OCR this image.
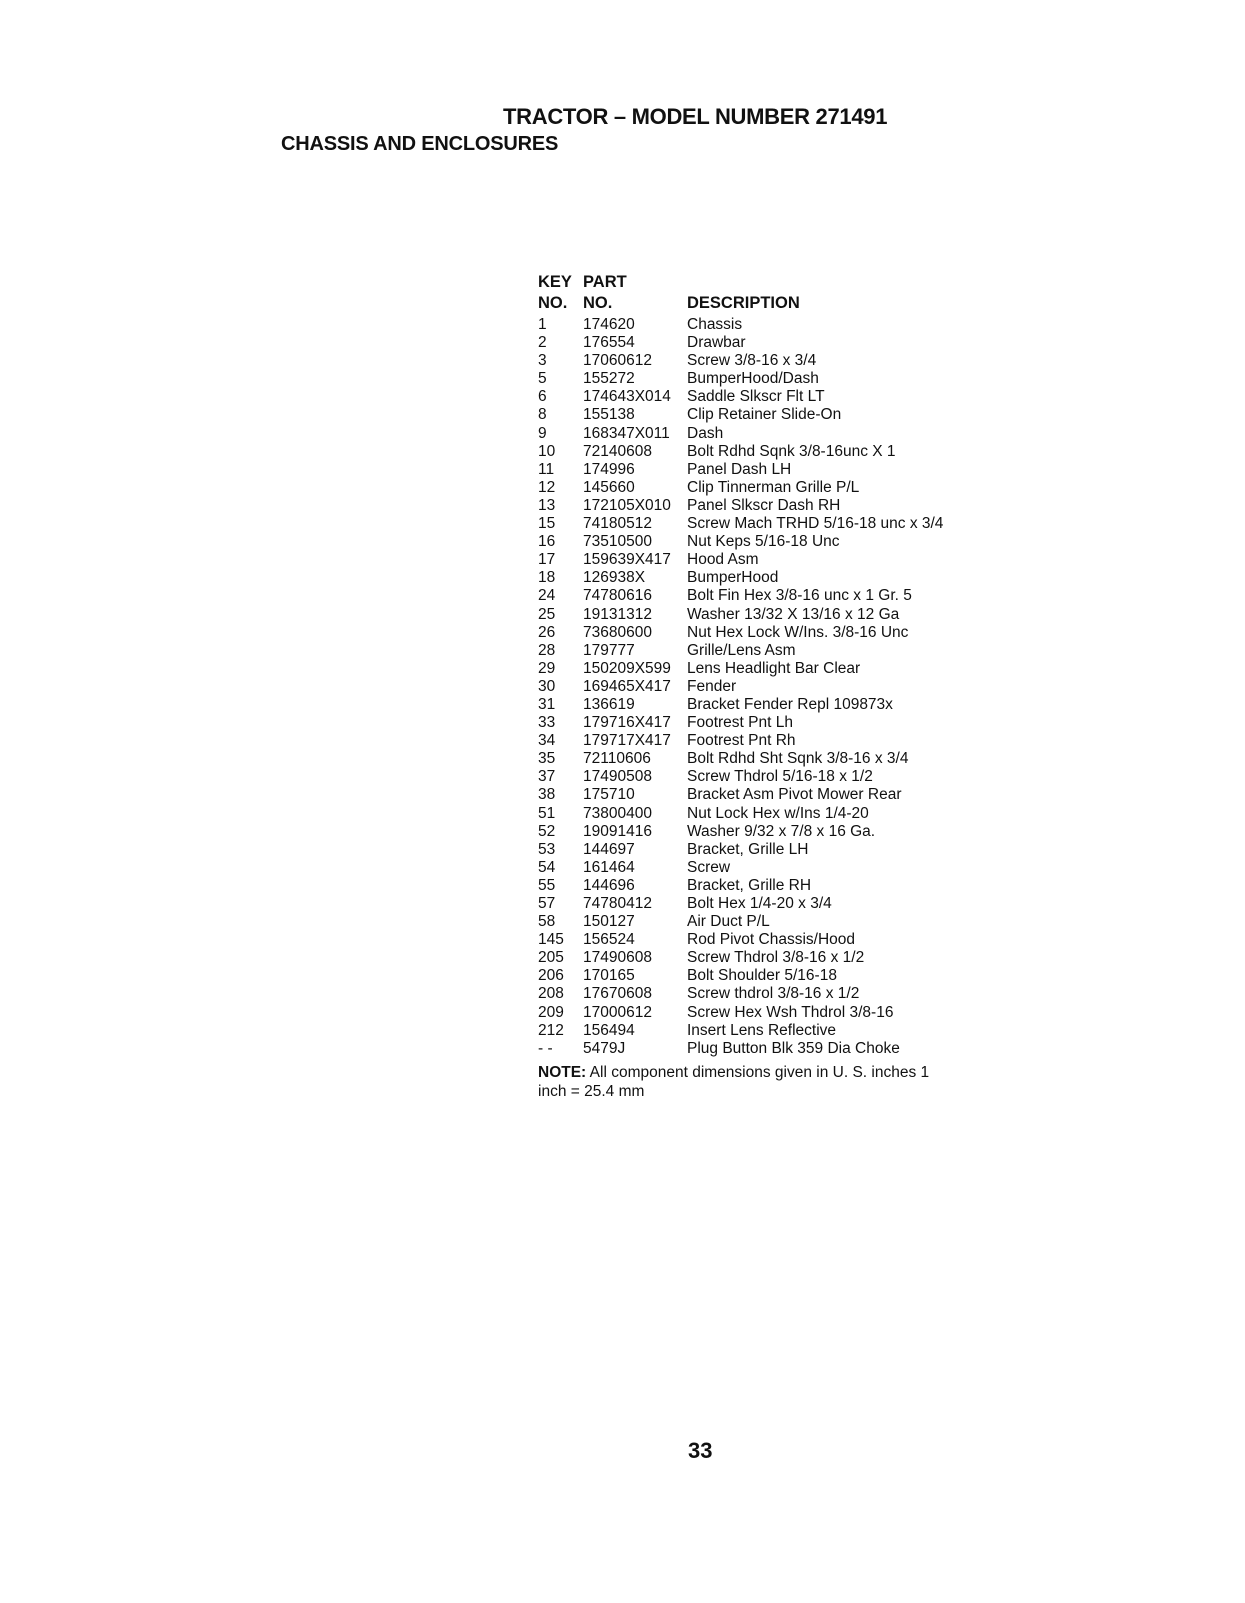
TRACTOR – MODEL NUMBER 271491
CHASSIS AND ENCLOSURES
KEY PART
NO. NO.	DESCRIPTION
1	174620	Chassis
2	176554	Drawbar
3	17060612	Screw 3/8-16 x 3/4
5	155272	BumperHood/Dash
6	174643X014	Saddle Slkscr Flt LT
8	155138	Clip Retainer Slide-On
9	168347X011	Dash
10	72140608	Bolt Rdhd Sqnk 3/8-16unc X 1
11	174996	Panel Dash LH
12	145660	Clip Tinnerman Grille P/L
13	172105X010	Panel Slkscr Dash RH
15	74180512	Screw Mach TRHD 5/16-18 unc x 3/4
16	73510500	Nut Keps 5/16-18 Unc
17	159639X417	Hood Asm
18	126938X	BumperHood
24	74780616	Bolt Fin Hex 3/8-16 unc x 1 Gr. 5
25	19131312	Washer 13/32 X 13/16 x 12 Ga
26	73680600	Nut Hex Lock W/Ins. 3/8-16 Unc
28	179777	Grille/Lens Asm
29	150209X599	Lens Headlight Bar Clear
30	169465X417	Fender
31	136619	Bracket Fender Repl 109873x
33	179716X417	Footrest Pnt Lh
34	179717X417	Footrest Pnt Rh
35	72110606	Bolt Rdhd Sht Sqnk 3/8-16 x 3/4
37	17490508	Screw Thdrol 5/16-18 x 1/2
38	175710	Bracket Asm Pivot Mower Rear
51	73800400	Nut Lock Hex w/Ins 1/4-20
52	19091416	Washer 9/32 x 7/8 x 16 Ga.
53	144697	Bracket, Grille LH
54	161464	Screw
55	144696	Bracket, Grille RH
57	74780412	Bolt Hex 1/4-20 x 3/4
58	150127	Air Duct P/L
145	156524	Rod Pivot Chassis/Hood
205	17490608	Screw Thdrol 3/8-16 x 1/2
206	170165	Bolt Shoulder 5/16-18
208	17670608	Screw thdrol 3/8-16 x 1/2
209	17000612	Screw Hex Wsh Thdrol 3/8-16
212	156494	Insert Lens Reflective
- -	5479J	Plug Button Blk 359 Dia Choke
NOTE: All component dimensions given in U. S. inches 1 inch = 25.4 mm
33
